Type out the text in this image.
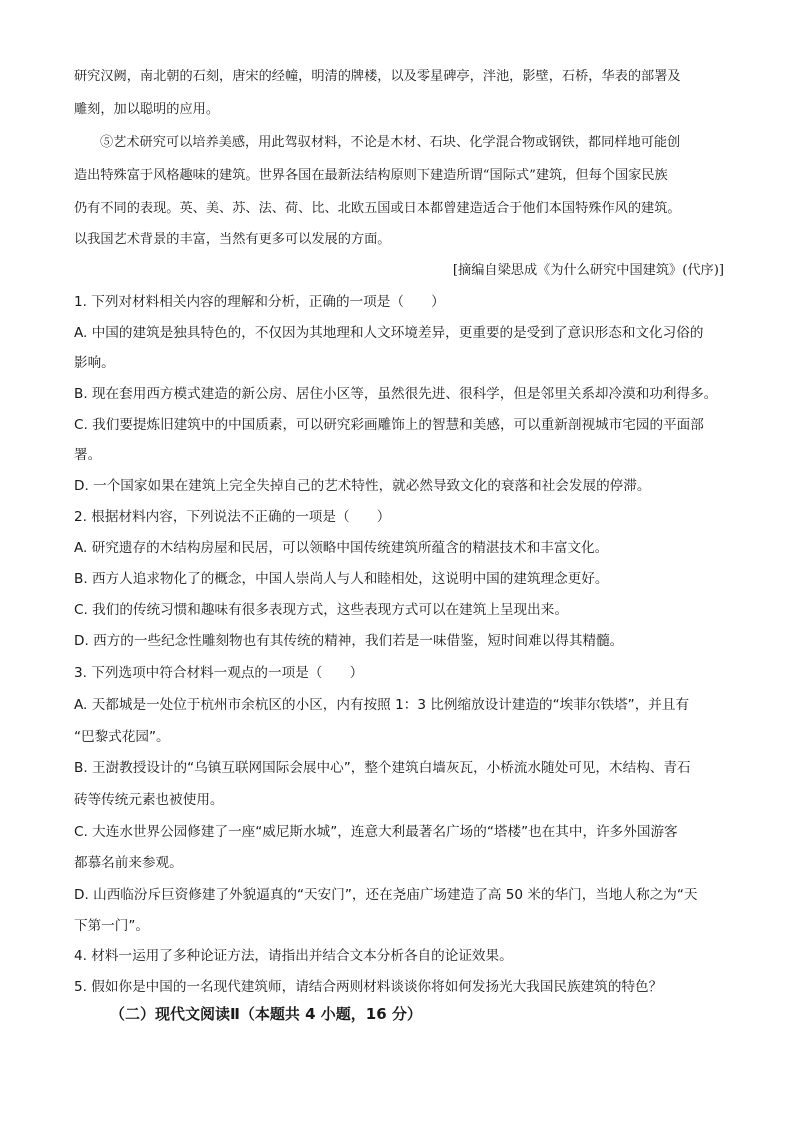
研究汉阙，南北朝的石刻，唐宋的经幢，明清的牌楼，以及零星碑亭，泮池，影壁，石桥，华表的部署及
雕刻，加以聪明的应用。
⑤艺术研究可以培养美感，用此驾驭材料，不论是木材、石块、化学混合物或钢铁，都同样地可能创
造出特殊富于风格趣味的建筑。世界各国在最新法结构原则下建造所谓“国际式”建筑，但每个国家民族
仍有不同的表现。英、美、苏、法、荷、比、北欧五国或日本都曾建造适合于他们本国特殊作风的建筑。
以我国艺术背景的丰富，当然有更多可以发展的方面。
[摘编自梁思成《为什么研究中国建筑》(代序)]
1. 下列对材料相关内容的理解和分析，正确的一项是（　　）
A. 中国的建筑是独具特色的，不仅因为其地理和人文环境差异，更重要的是受到了意识形态和文化习俗的
影响。
B. 现在套用西方模式建造的新公房、居住小区等，虽然很先进、很科学，但是邻里关系却冷漠和功利得多。
C. 我们要提炼旧建筑中的中国质素，可以研究彩画雕饰上的智慧和美感，可以重新剖视城市宅园的平面部
署。
D. 一个国家如果在建筑上完全失掉自己的艺术特性，就必然导致文化的衰落和社会发展的停滞。
2. 根据材料内容，下列说法不正确的一项是（　　）
A. 研究遗存的木结构房屋和民居，可以领略中国传统建筑所蕴含的精湛技术和丰富文化。
B. 西方人追求物化了的概念，中国人崇尚人与人和睦相处，这说明中国的建筑理念更好。
C. 我们的传统习惯和趣味有很多表现方式，这些表现方式可以在建筑上呈现出来。
D. 西方的一些纪念性雕刻物也有其传统的精神，我们若是一味借鉴，短时间难以得其精髓。
3. 下列选项中符合材料一观点的一项是（　　）
A. 天都城是一处位于杭州市余杭区的小区，内有按照 1：3 比例缩放设计建造的“埃菲尔铁塔”，并且有
“巴黎式花园”。
B. 王澍教授设计的“乌镇互联网国际会展中心”，整个建筑白墙灰瓦，小桥流水随处可见，木结构、青石
砖等传统元素也被使用。
C. 大连水世界公园修建了一座“威尼斯水城”，连意大利最著名广场的“塔楼”也在其中，许多外国游客
都慕名前来参观。
D. 山西临汾斥巨资修建了外貌逼真的“天安门”，还在尧庙广场建造了高 50 米的华门，当地人称之为“天
下第一门”。
4. 材料一运用了多种论证方法，请指出并结合文本分析各自的论证效果。
5. 假如你是中国的一名现代建筑师，请结合两则材料谈谈你将如何发扬光大我国民族建筑的特色？
（二）现代文阅读Ⅱ（本题共 4 小题，16 分）
